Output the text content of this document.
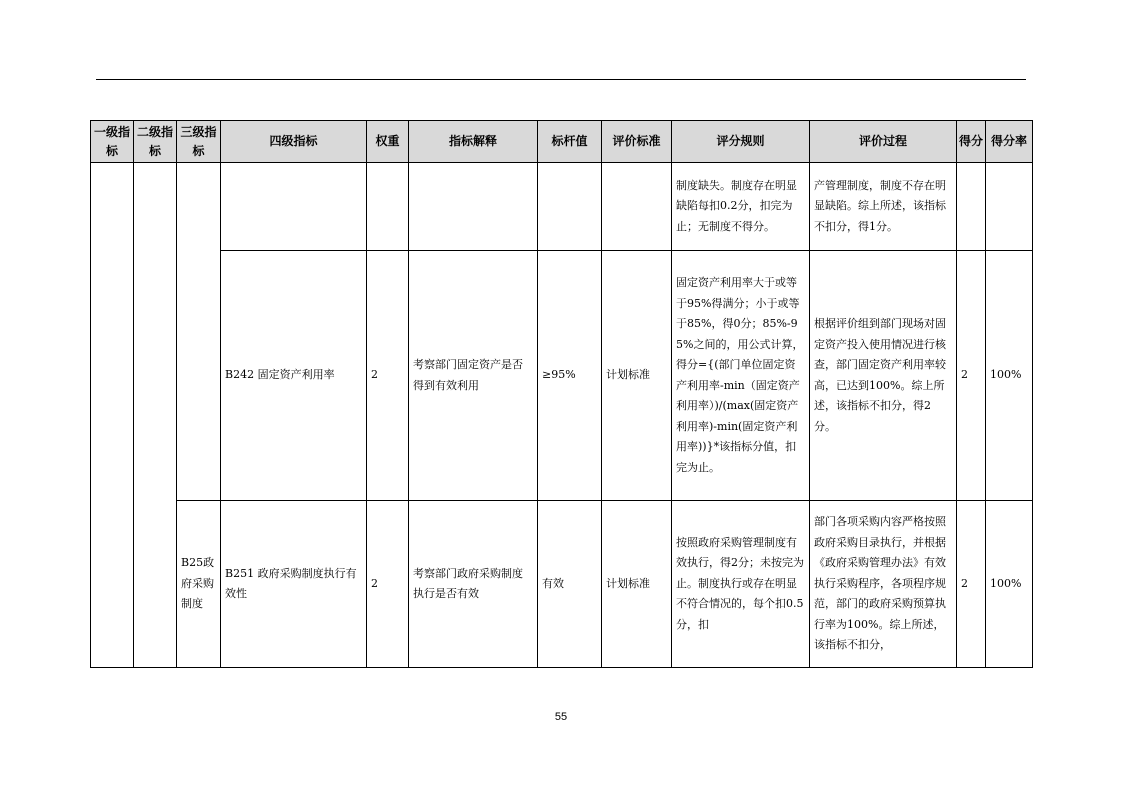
一级指标	二级指标	三级指标	四级指标	权重	指标解释	标杆值	评价标准	评分规则	评价过程	得分	得分率
								制度缺失。制度存在明显缺陷每扣0.2分，扣完为止；无制度不得分。	产管理制度，制度不存在明显缺陷。综上所述，该指标不扣分，得1分。		
			B242 固定资产利用率	2	考察部门固定资产是否得到有效利用	≥95%	计划标准	固定资产利用率大于或等于95%得满分；小于或等于85%，得0分；85%-95%之间的，用公式计算，得分={(部门单位固定资产利用率-min（固定资产利用率）)/(max(固定资产利用率)-min(固定资产利用率))}*该指标分值，扣完为止。	根据评价组到部门现场对固定资产投入使用情况进行核查，部门固定资产利用率较高，已达到100%。综上所述，该指标不扣分，得2分。	2	100%
		B25政府采购制度	B251 政府采购制度执行有效性	2	考察部门政府采购制度执行是否有效	有效	计划标准	按照政府采购管理制度有效执行，得2分；未按完为止。制度执行或存在明显不符合情况的，每个扣0.5分，扣	部门各项采购内容严格按照政府采购目录执行，并根据《政府采购管理办法》有效执行采购程序，各项程序规范，部门的政府采购预算执行率为100%。综上所述，该指标不扣分，	2	100%
55
